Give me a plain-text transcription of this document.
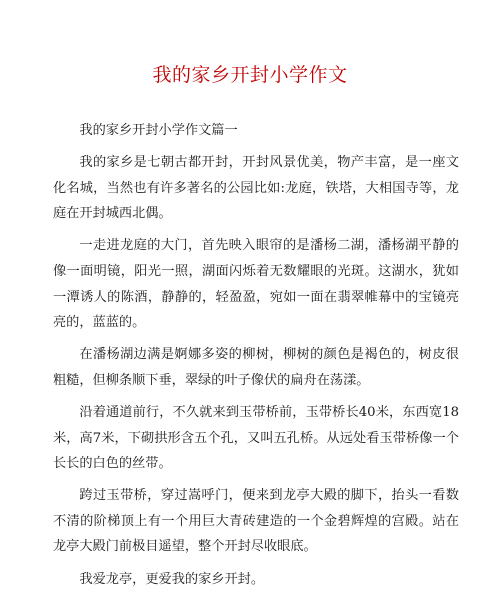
我的家乡开封小学作文

我的家乡开封小学作文篇一

我的家乡是七朝古都开封，开封风景优美，物产丰富，是一座文化名城，当然也有许多著名的公园比如:龙庭，铁塔，大相国寺等，龙庭在开封城西北偶。

一走进龙庭的大门，首先映入眼帘的是潘杨二湖，潘杨湖平静的像一面明镜，阳光一照，湖面闪烁着无数耀眼的光斑。这湖水，犹如一潭诱人的陈酒，静静的，轻盈盈，宛如一面在翡翠帷幕中的宝镜亮亮的，蓝蓝的。

在潘杨湖边满是婀娜多姿的柳树，柳树的颜色是褐色的，树皮很粗糙，但柳条顺下垂，翠绿的叶子像伏的扁舟在荡漾。

沿着通道前行，不久就来到玉带桥前，玉带桥长40米，东西宽18米，高7米，下砌拱形含五个孔，又叫五孔桥。从远处看玉带桥像一个长长的白色的丝带。

跨过玉带桥，穿过嵩呼门，便来到龙亭大殿的脚下，抬头一看数不清的阶梯顶上有一个用巨大青砖建造的一个金碧辉煌的宫殿。站在龙亭大殿门前极目遥望，整个开封尽收眼底。

我爱龙亭，更爱我的家乡开封。
